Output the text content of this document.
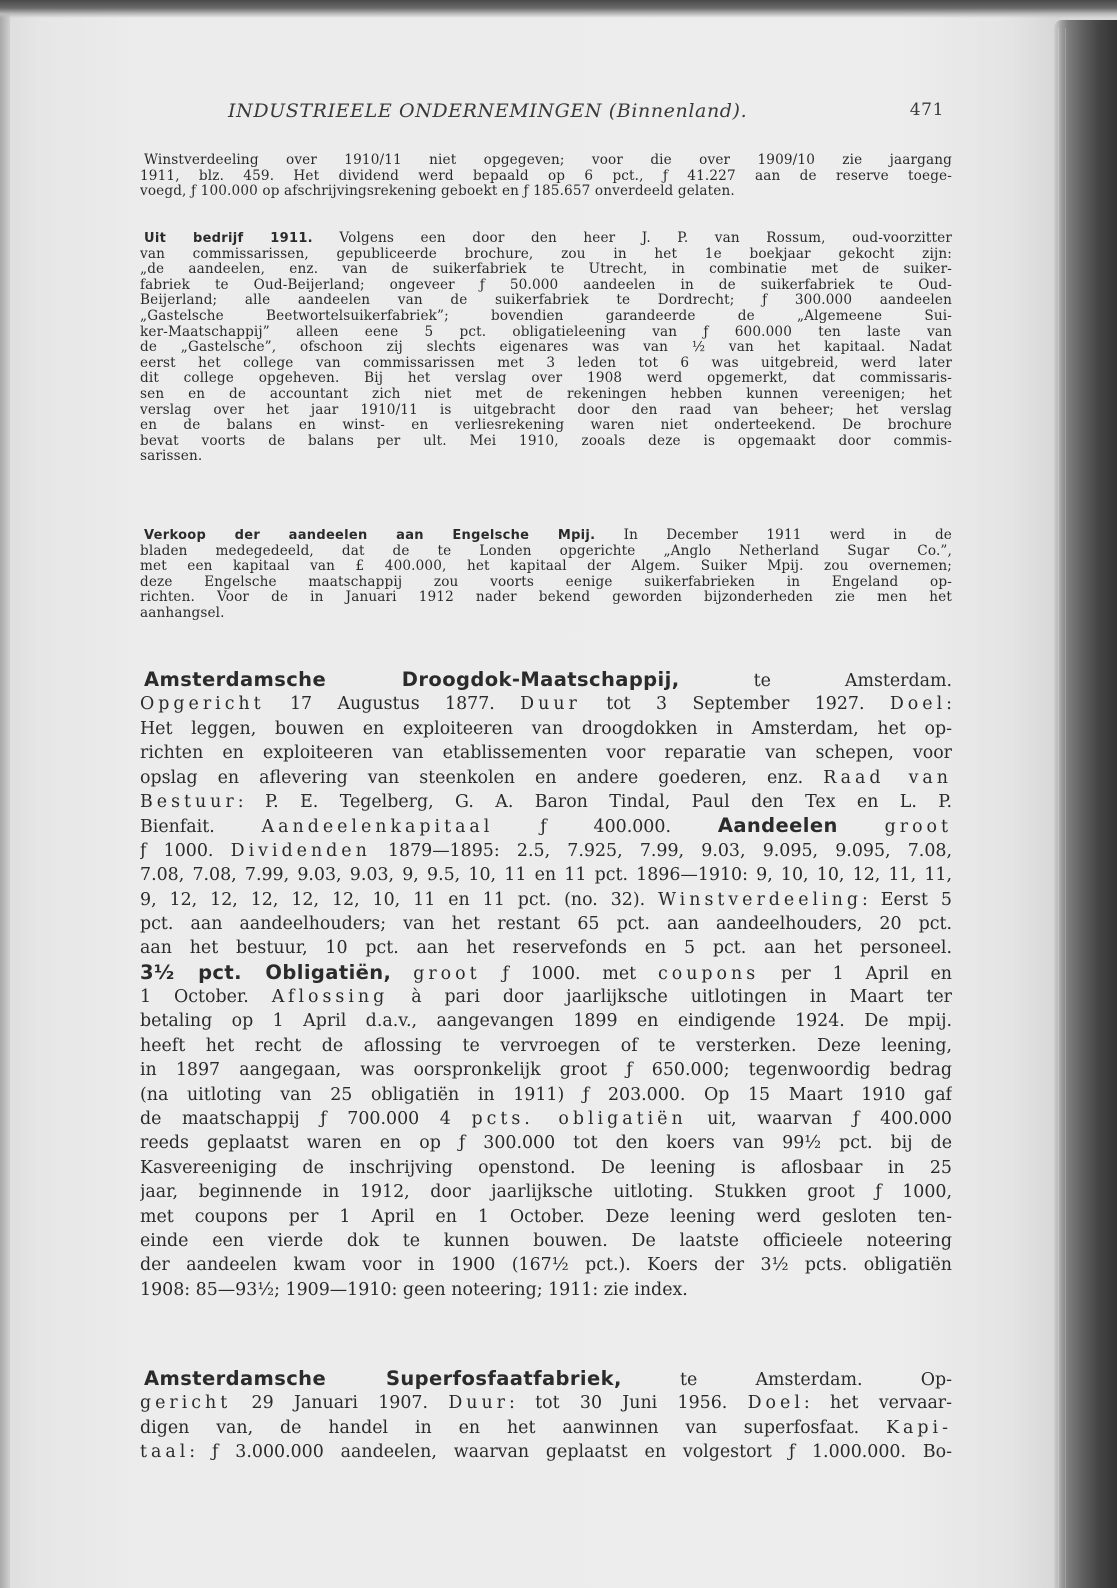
INDUSTRIEELE ONDERNEMINGEN (Binnenland).	471
Winstverdeeling over 1910/11 niet opgegeven; voor die over 1909/10 zie jaargang
1911, blz. 459. Het dividend werd bepaald op 6 pct., ƒ 41.227 aan de reserve toege-
voegd, ƒ 100.000 op afschrijvingsrekening geboekt en ƒ 185.657 onverdeeld gelaten.
Uit bedrijf 1911. Volgens een door den heer J. P. van Rossum, oud-voorzitter
van commissarissen, gepubliceerde brochure, zou in het 1e boekjaar gekocht zijn:
„de aandeelen, enz. van de suikerfabriek te Utrecht, in combinatie met de suiker-
fabriek te Oud-Beijerland; ongeveer ƒ 50.000 aandeelen in de suikerfabriek te Oud-
Beijerland; alle aandeelen van de suikerfabriek te Dordrecht; ƒ 300.000 aandeelen
„Gastelsche Beetwortelsuikerfabriek”; bovendien garandeerde de „Algemeene Sui-
ker-Maatschappij” alleen eene 5 pct. obligatieleening van ƒ 600.000 ten laste van
de „Gastelsche”, ofschoon zij slechts eigenares was van ½ van het kapitaal. Nadat
eerst het college van commissarissen met 3 leden tot 6 was uitgebreid, werd later
dit college opgeheven. Bij het verslag over 1908 werd opgemerkt, dat commissaris-
sen en de accountant zich niet met de rekeningen hebben kunnen vereenigen; het
verslag over het jaar 1910/11 is uitgebracht door den raad van beheer; het verslag
en de balans en winst- en verliesrekening waren niet onderteekend. De brochure
bevat voorts de balans per ult. Mei 1910, zooals deze is opgemaakt door commis-
sarissen.
Verkoop der aandeelen aan Engelsche Mpij. In December 1911 werd in de
bladen medegedeeld, dat de te Londen opgerichte „Anglo Netherland Sugar Co.”,
met een kapitaal van £ 400.000, het kapitaal der Algem. Suiker Mpij. zou overnemen;
deze Engelsche maatschappij zou voorts eenige suikerfabrieken in Engeland op-
richten. Voor de in Januari 1912 nader bekend geworden bijzonderheden zie men het
aanhangsel.
Amsterdamsche Droogdok-Maatschappij,	te Amsterdam.
Opgericht 17 Augustus 1877. Duur tot 3 September 1927. Doel:
Het leggen, bouwen en exploiteeren van droogdokken in Amsterdam, het op-
richten en exploiteeren van etablissementen voor reparatie van schepen, voor
opslag en aflevering van steenkolen en andere goederen, enz. Raad van
Bestuur: P. E. Tegelberg, G. A. Baron Tindal, Paul den Tex en L. P.
Bienfait. Aandeelenkapitaal ƒ 400.000. Aandeelen	groot
ƒ 1000. Dividenden 1879—1895: 2.5, 7.925, 7.99, 9.03, 9.095, 9.095, 7.08,
7.08, 7.08, 7.99, 9.03, 9.03, 9, 9.5, 10, 11 en 11 pct. 1896—1910: 9, 10, 10, 12, 11, 11,
9, 12, 12, 12, 12, 12, 10, 11 en 11 pct. (no. 32). Winstverdeeling: Eerst 5
pct. aan aandeelhouders; van het restant 65 pct. aan aandeelhouders, 20 pct.
aan het bestuur, 10 pct. aan het reservefonds en 5 pct. aan het personeel.
3½ pct. Obligatiën, groot ƒ 1000. met coupons per 1 April en
1 October. Aflossing à pari door jaarlijksche uitlotingen in Maart ter
betaling op 1 April d.a.v., aangevangen 1899 en eindigende 1924. De mpij.
heeft het recht de aflossing te vervroegen of te versterken. Deze leening,
in 1897 aangegaan, was oorspronkelijk groot ƒ 650.000; tegenwoordig bedrag
(na uitloting van 25 obligatiën in 1911) ƒ 203.000. Op 15 Maart 1910 gaf
de maatschappij ƒ 700.000 4 pcts. obligatiën uit, waarvan ƒ 400.000
reeds geplaatst waren en op ƒ 300.000 tot den koers van 99½ pct. bij de
Kasvereeniging de inschrijving openstond. De leening is aflosbaar in 25
jaar, beginnende in 1912, door jaarlijksche uitloting. Stukken groot ƒ 1000,
met coupons per 1 April en 1 October. Deze leening werd gesloten ten-
einde een vierde dok te kunnen bouwen. De laatste officieele noteering
der aandeelen kwam voor in 1900 (167½ pct.). Koers der 3½ pcts. obligatiën
1908: 85—93½; 1909—1910: geen noteering; 1911: zie index.
Amsterdamsche Superfosfaatfabriek,	te Amsterdam. Op-
gericht 29 Januari 1907. Duur: tot 30 Juni 1956. Doel: het vervaar-
digen van, de handel in en het aanwinnen van superfosfaat. Kapi-
taal: ƒ 3.000.000 aandeelen, waarvan geplaatst en volgestort ƒ 1.000.000. Bo-
